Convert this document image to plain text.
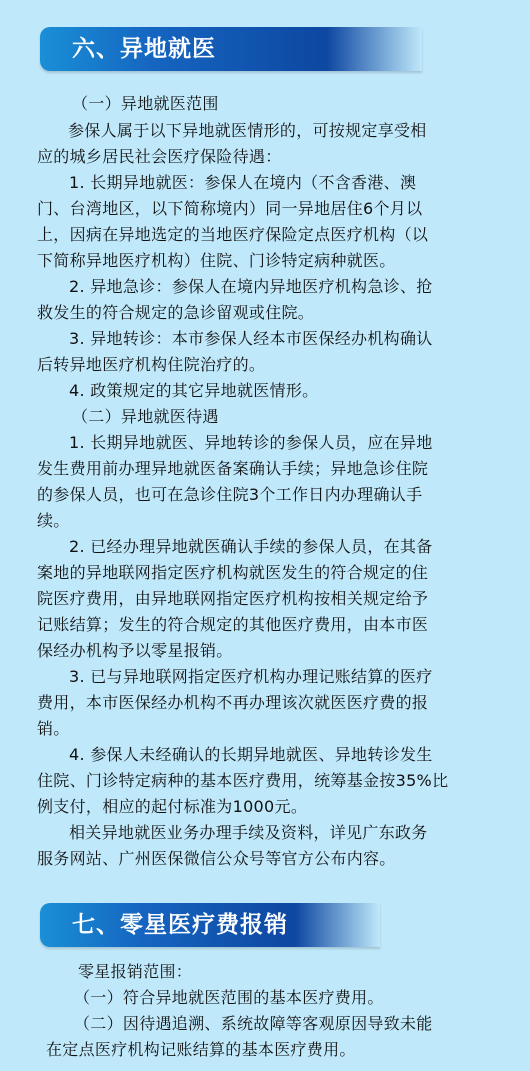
六、异地就医
（一）异地就医范围
参保人属于以下异地就医情形的，可按规定享受相
应的城乡居民社会医疗保险待遇：
1. 长期异地就医：参保人在境内（不含香港、澳
门、台湾地区，以下简称境内）同一异地居住6个月以
上，因病在异地选定的当地医疗保险定点医疗机构（以
下简称异地医疗机构）住院、门诊特定病种就医。
2. 异地急诊：参保人在境内异地医疗机构急诊、抢
救发生的符合规定的急诊留观或住院。
3. 异地转诊：本市参保人经本市医保经办机构确认
后转异地医疗机构住院治疗的。
4. 政策规定的其它异地就医情形。
（二）异地就医待遇
1. 长期异地就医、异地转诊的参保人员，应在异地
发生费用前办理异地就医备案确认手续；异地急诊住院
的参保人员，也可在急诊住院3个工作日内办理确认手
续。
2. 已经办理异地就医确认手续的参保人员，在其备
案地的异地联网指定医疗机构就医发生的符合规定的住
院医疗费用，由异地联网指定医疗机构按相关规定给予
记账结算；发生的符合规定的其他医疗费用，由本市医
保经办机构予以零星报销。
3. 已与异地联网指定医疗机构办理记账结算的医疗
费用，本市医保经办机构不再办理该次就医医疗费的报
销。
4. 参保人未经确认的长期异地就医、异地转诊发生
住院、门诊特定病种的基本医疗费用，统筹基金按35%比
例支付，相应的起付标准为1000元。
相关异地就医业务办理手续及资料，详见广东政务
服务网站、广州医保微信公众号等官方公布内容。
七、零星医疗费报销
零星报销范围：
（一）符合异地就医范围的基本医疗费用。
（二）因待遇追溯、系统故障等客观原因导致未能
在定点医疗机构记账结算的基本医疗费用。
